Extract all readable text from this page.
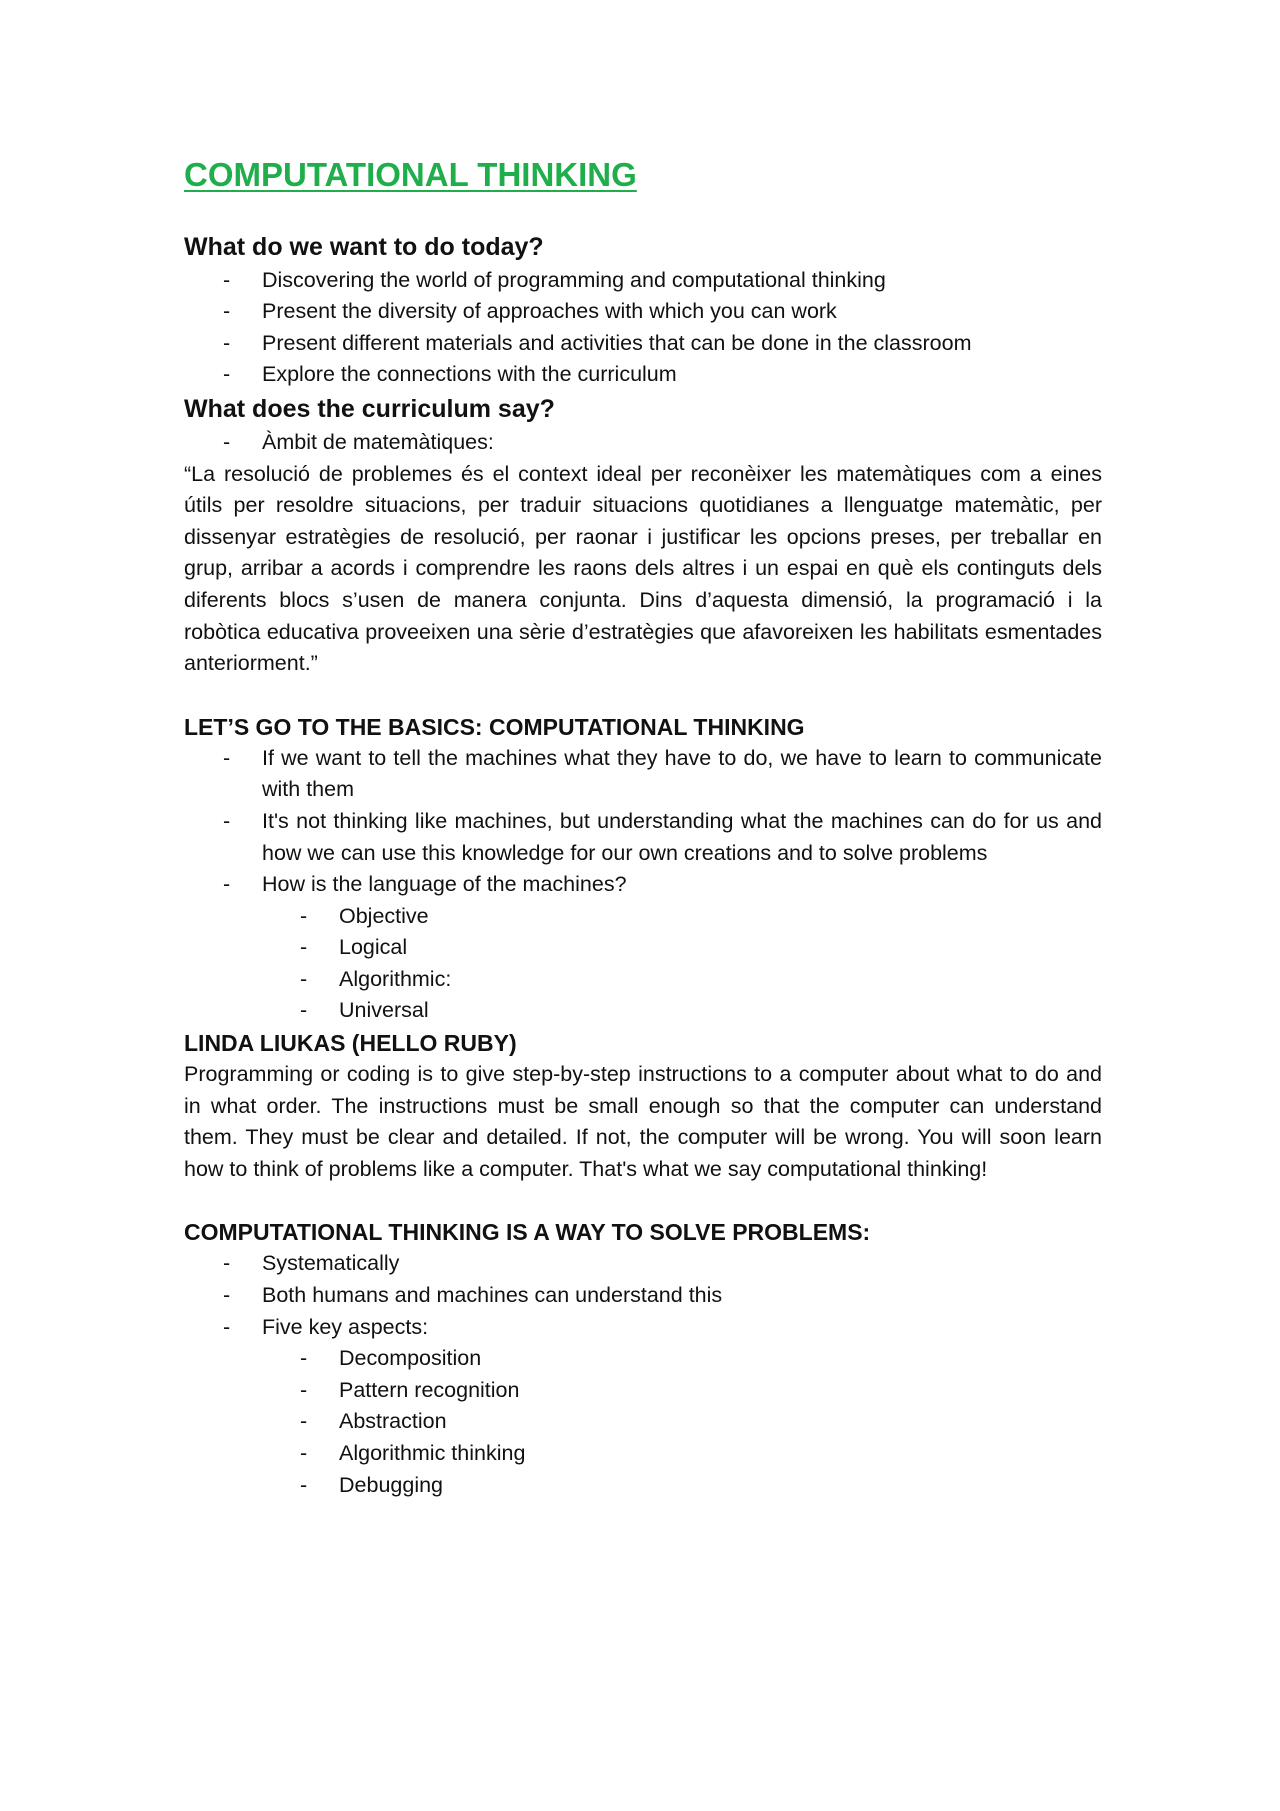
COMPUTATIONAL THINKING
What do we want to do today?
- Discovering the world of programming and computational thinking
- Present the diversity of approaches with which you can work
- Present different materials and activities that can be done in the classroom
- Explore the connections with the curriculum
What does the curriculum say?
- Àmbit de matemàtiques:

“La resolució de problemes és el context ideal per reconèixer les matemàtiques com a eines útils per resoldre situacions, per traduir situacions quotidianes a llenguatge matemàtic, per dissenyar estratègies de resolució, per raonar i justificar les opcions preses, per treballar en grup, arribar a acords i comprendre les raons dels altres i un espai en què els continguts dels diferents blocs s’usen de manera conjunta. Dins d’aquesta dimensió, la programació i la robòtica educativa proveeixen una sèrie d’estratègies que afavoreixen les habilitats esmentades anteriorment.”

LET’S GO TO THE BASICS: COMPUTATIONAL THINKING
- If we want to tell the machines what they have to do, we have to learn to communicate with them
- It's not thinking like machines, but understanding what the machines can do for us and how we can use this knowledge for our own creations and to solve problems
- How is the language of the machines?
- Objective
- Logical
- Algorithmic:
- Universal
LINDA LIUKAS (HELLO RUBY)

Programming or coding is to give step-by-step instructions to a computer about what to do and in what order. The instructions must be small enough so that the computer can understand them. They must be clear and detailed. If not, the computer will be wrong. You will soon learn how to think of problems like a computer. That's what we say computational thinking!

COMPUTATIONAL THINKING IS A WAY TO SOLVE PROBLEMS:
- Systematically
- Both humans and machines can understand this
- Five key aspects:
- Decomposition
- Pattern recognition
- Abstraction
- Algorithmic thinking
- Debugging
